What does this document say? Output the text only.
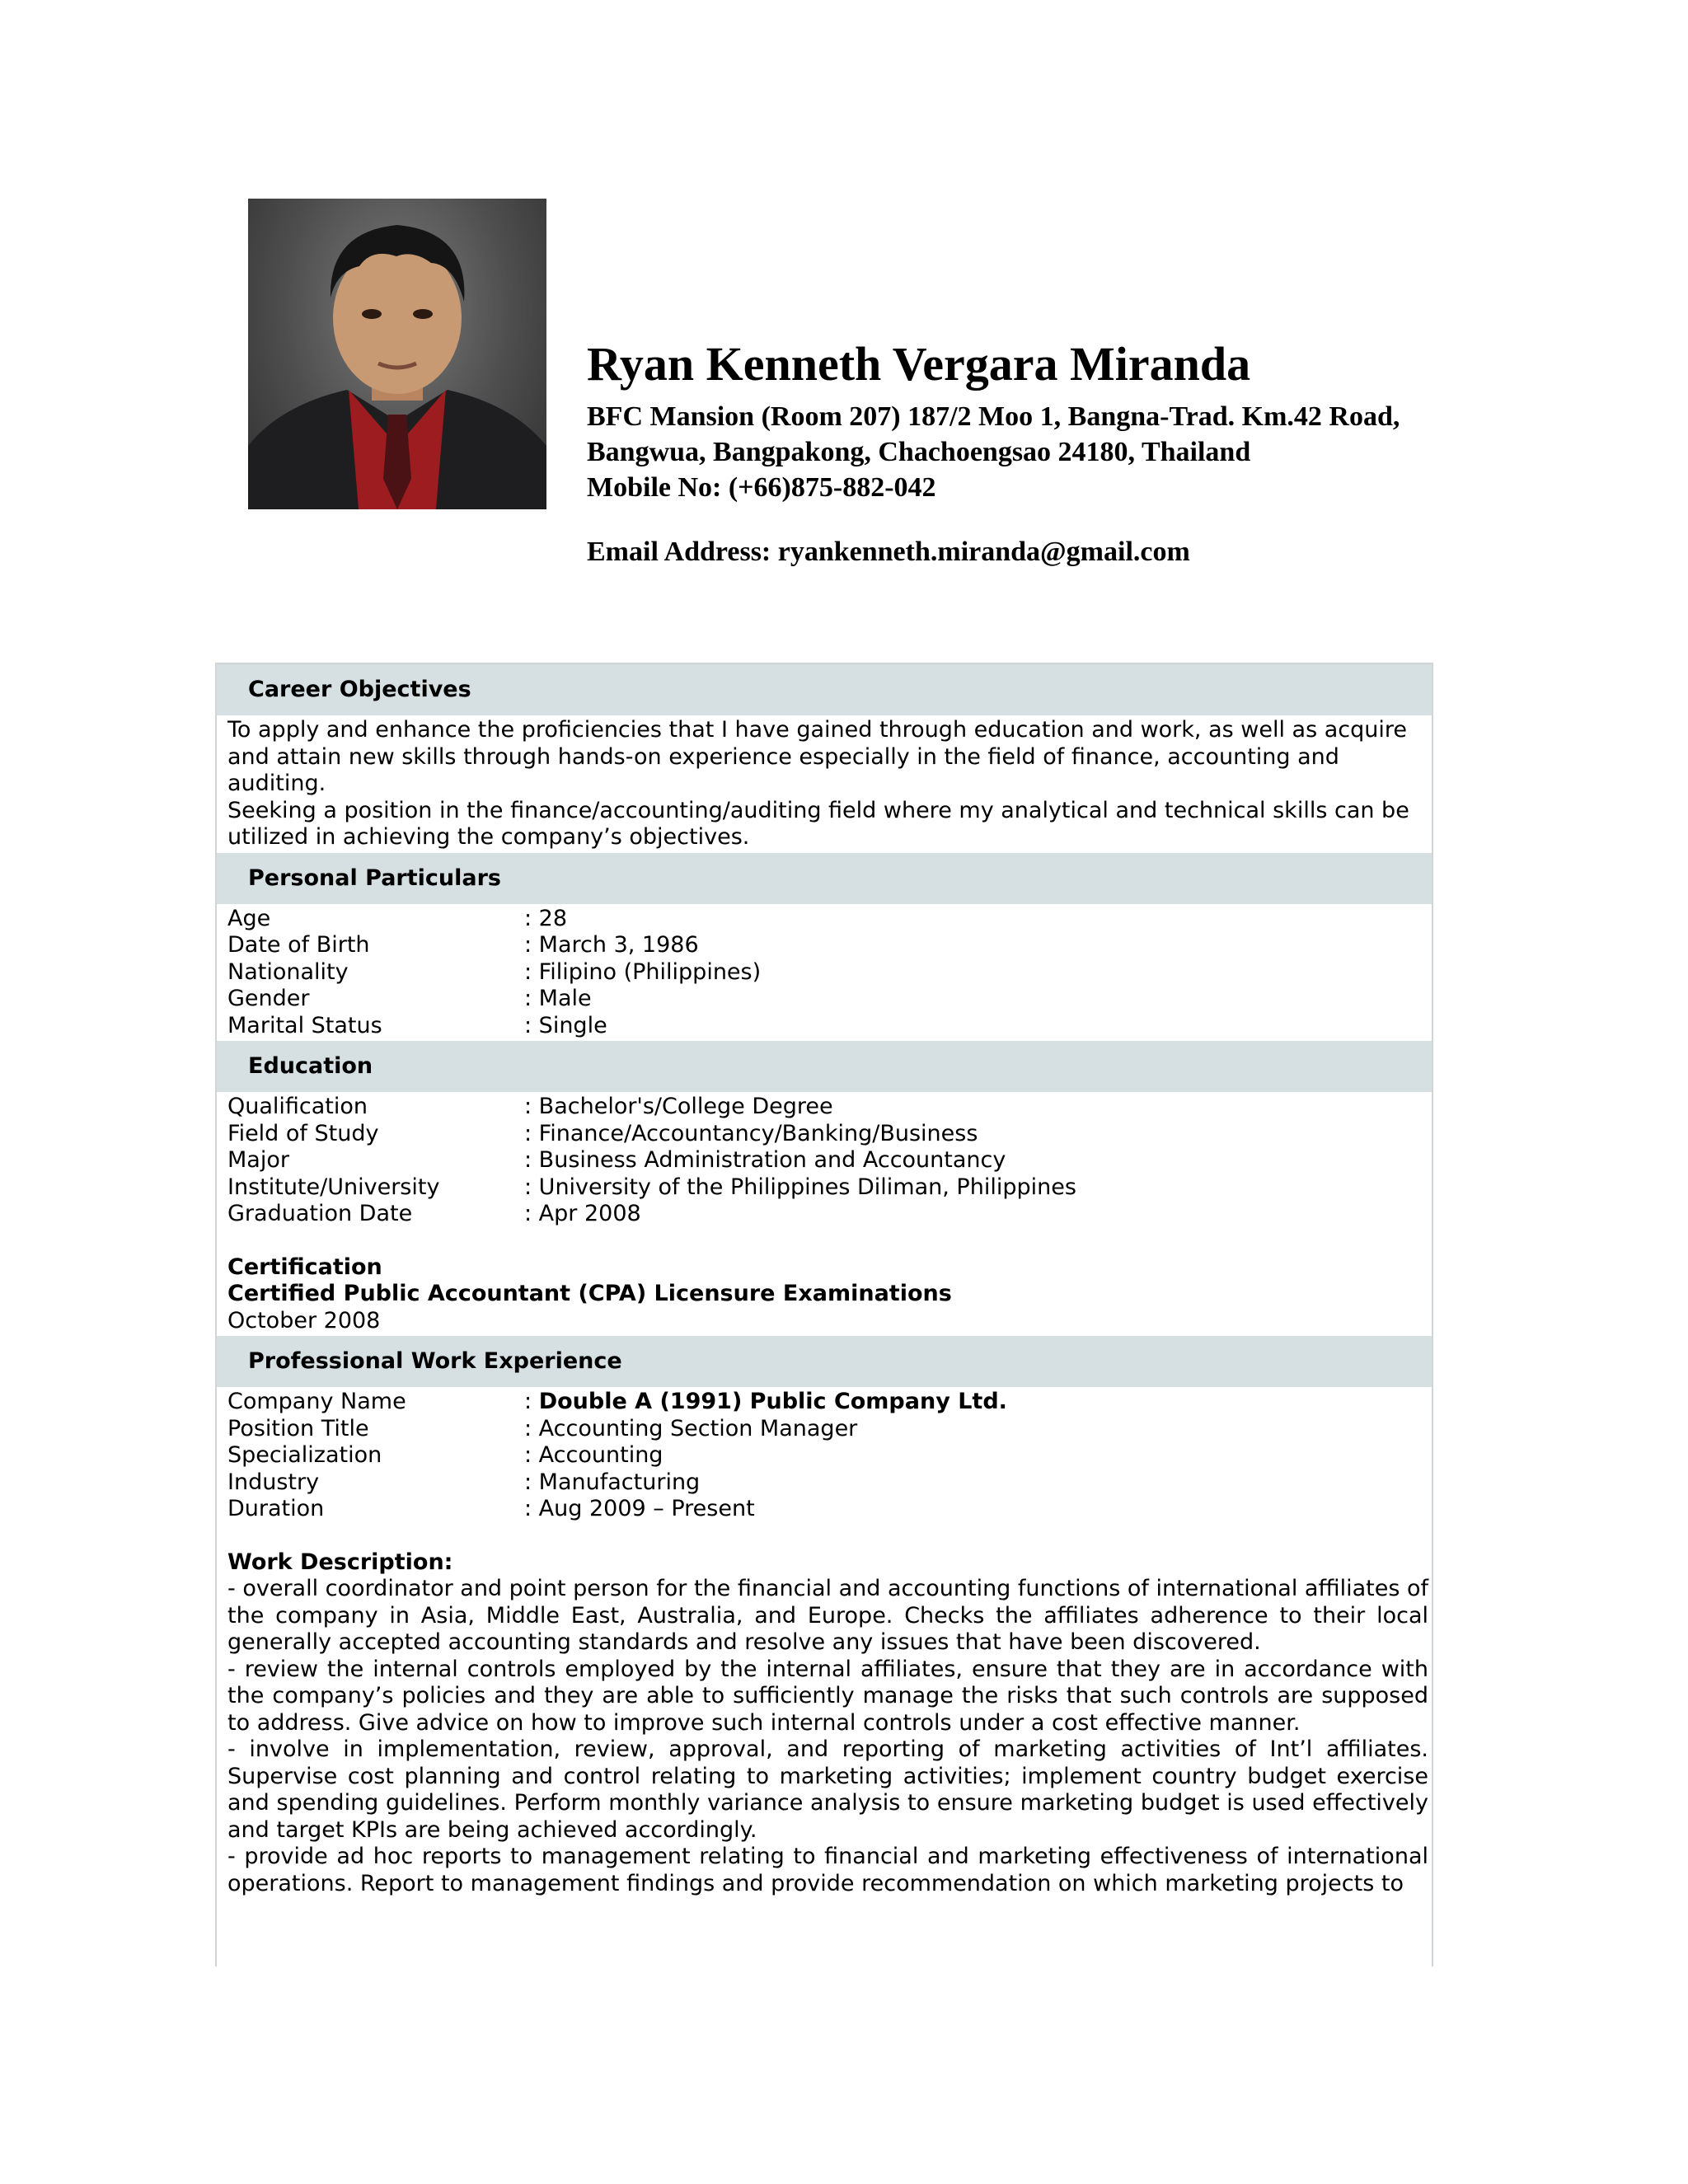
Ryan Kenneth Vergara Miranda
BFC Mansion (Room 207) 187/2 Moo 1, Bangna-Trad. Km.42 Road,
Bangwua, Bangpakong, Chachoengsao 24180, Thailand
Mobile No: (+66)875-882-042
Email Address: ryankenneth.miranda@gmail.com
Career Objectives

To apply and enhance the proficiencies that I have gained through education and work, as well as acquire and attain new skills through hands-on experience especially in the field of finance, accounting and auditing.

Seeking a position in the finance/accounting/auditing field where my analytical and technical skills can be utilized in achieving the company’s objectives.

Personal Particulars
Age	: 28
Date of Birth	: March 3, 1986
Nationality	: Filipino (Philippines)
Gender	: Male
Marital Status	: Single
Education
Qualification	: Bachelor's/College Degree
Field of Study	: Finance/Accountancy/Banking/Business
Major	: Business Administration and Accountancy
Institute/University	: University of the Philippines Diliman, Philippines
Graduation Date	: Apr 2008

Certification

Certified Public Accountant (CPA) Licensure Examinations

October 2008

Professional Work Experience
Company Name	: Double A (1991) Public Company Ltd.
Position Title	: Accounting Section Manager
Specialization	: Accounting
Industry	: Manufacturing
Duration	: Aug 2009 – Present

Work Description:

- overall coordinator and point person for the financial and accounting functions of international affiliates of the company in Asia, Middle East, Australia, and Europe. Checks the affiliates adherence to their local generally accepted accounting standards and resolve any issues that have been discovered.

- review the internal controls employed by the internal affiliates, ensure that they are in accordance with the company’s policies and they are able to sufficiently manage the risks that such controls are supposed to address. Give advice on how to improve such internal controls under a cost effective manner.

- involve in implementation, review, approval, and reporting of marketing activities of Int’l affiliates. Supervise cost planning and control relating to marketing activities; implement country budget exercise and spending guidelines. Perform monthly variance analysis to ensure marketing budget is used effectively and target KPIs are being achieved accordingly.

- provide ad hoc reports to management relating to financial and marketing effectiveness of international operations. Report to management findings and provide recommendation on which marketing projects to
